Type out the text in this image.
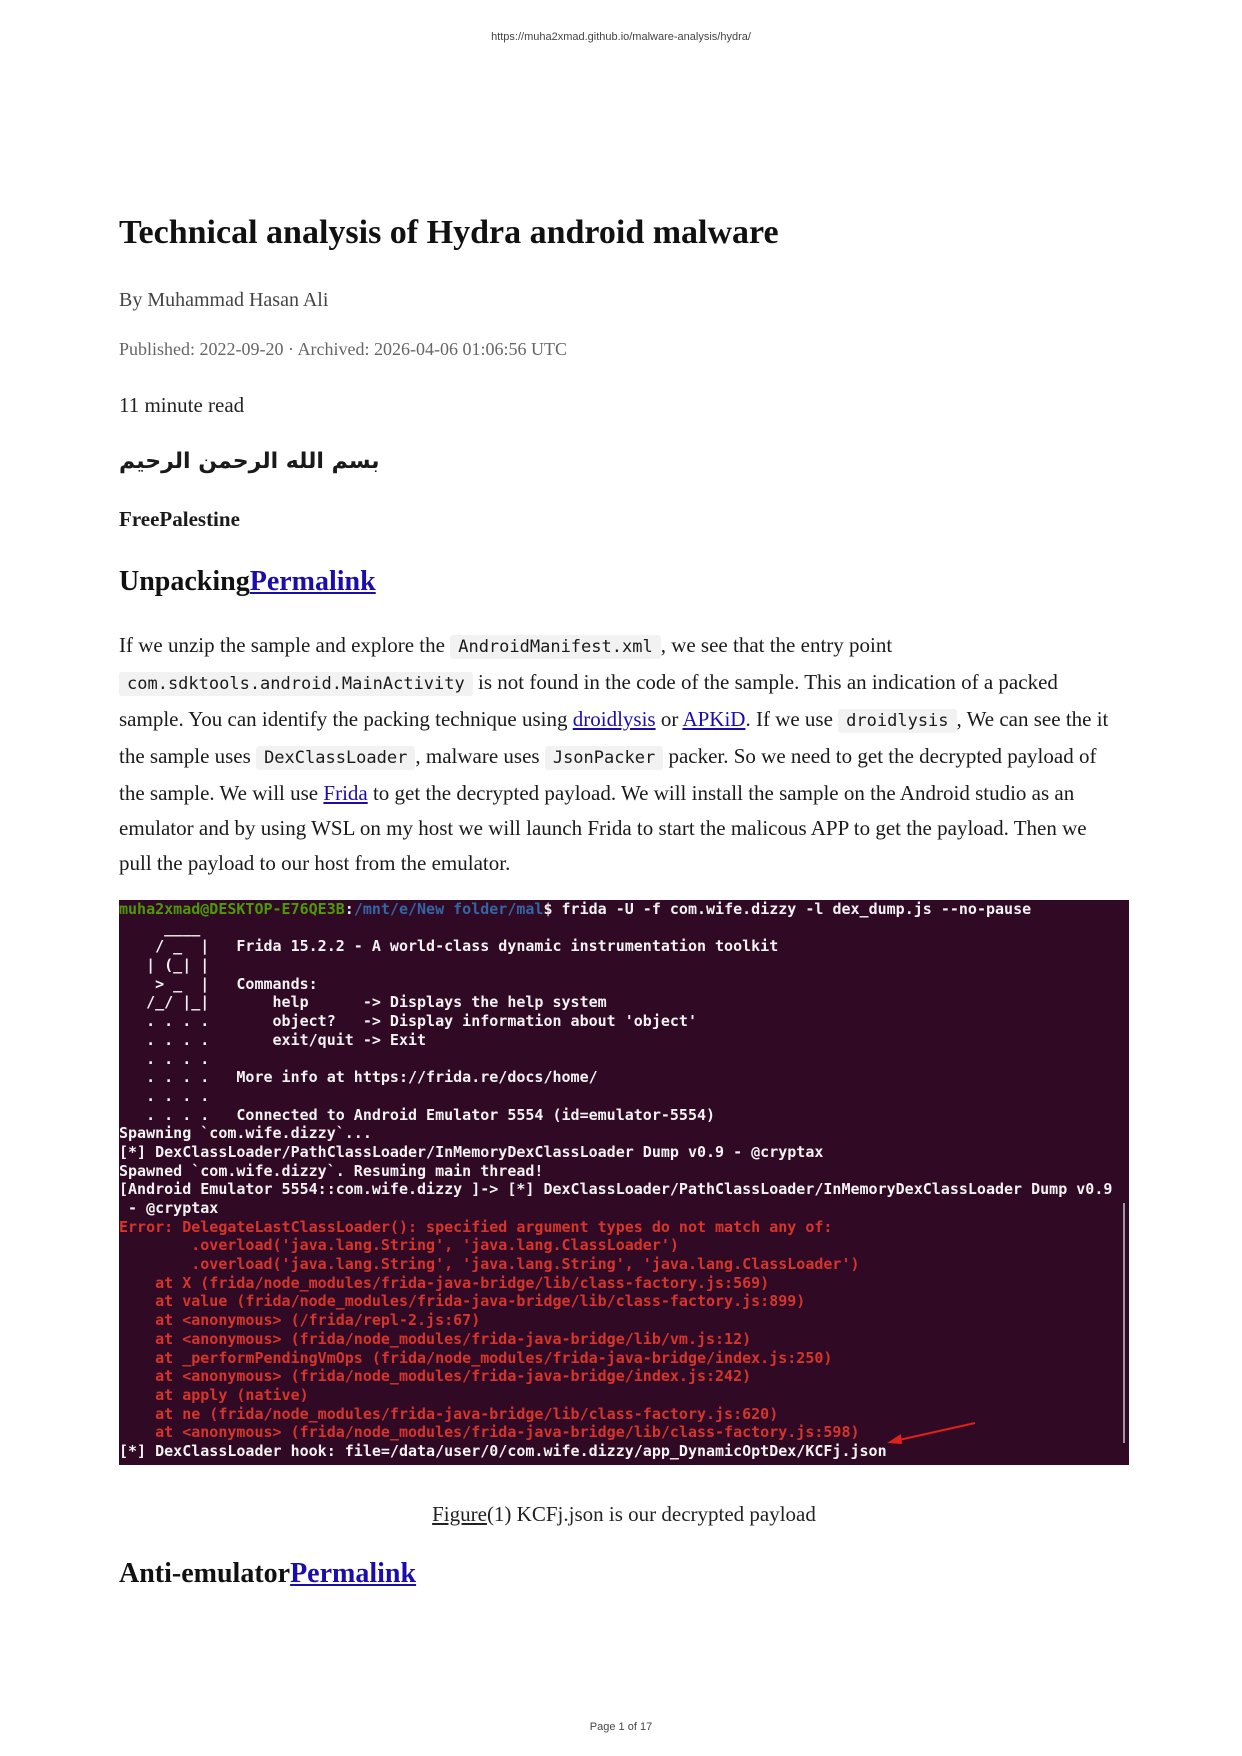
https://muha2xmad.github.io/malware-analysis/hydra/
Technical analysis of Hydra android malware
By Muhammad Hasan Ali
Published: 2022-09-20 · Archived: 2026-04-06 01:06:56 UTC
11 minute read
بسم الله الرحمن الرحيم
FreePalestine
UnpackingPermalink
If we unzip the sample and explore the AndroidManifest.xml , we see that the entry point com.sdktools.android.MainActivity is not found in the code of the sample. This an indication of a packed sample. You can identify the packing technique using droidlysis or APKiD. If we use droidlysis , We can see the it the sample uses DexClassLoader , malware uses JsonPacker packer. So we need to get the decrypted payload of the sample. We will use Frida to get the decrypted payload. We will install the sample on the Android studio as an emulator and by using WSL on my host we will launch Frida to start the malicous APP to get the payload. Then we pull the payload to our host from the emulator.
muha2xmad@DESKTOP-E76QE3B:/mnt/e/New folder/mal$ frida -U -f com.wife.dizzy -l dex_dump.js --no-pause
____
/ _  |   Frida 15.2.2 - A world-class dynamic instrumentation toolkit
| (_| |
> _  |   Commands:
/_/ |_|       help      -> Displays the help system
. . . .       object?   -> Display information about 'object'
. . . .       exit/quit -> Exit
. . . .
. . . .   More info at https://frida.re/docs/home/
. . . .
. . . .   Connected to Android Emulator 5554 (id=emulator-5554)
Spawning `com.wife.dizzy`...
[*] DexClassLoader/PathClassLoader/InMemoryDexClassLoader Dump v0.9 - @cryptax
Spawned `com.wife.dizzy`. Resuming main thread!
[Android Emulator 5554::com.wife.dizzy ]-> [*] DexClassLoader/PathClassLoader/InMemoryDexClassLoader Dump v0.9
- @cryptax
Error: DelegateLastClassLoader(): specified argument types do not match any of:
.overload('java.lang.String', 'java.lang.ClassLoader')
.overload('java.lang.String', 'java.lang.String', 'java.lang.ClassLoader')
at X (frida/node_modules/frida-java-bridge/lib/class-factory.js:569)
at value (frida/node_modules/frida-java-bridge/lib/class-factory.js:899)
at <anonymous> (/frida/repl-2.js:67)
at <anonymous> (frida/node_modules/frida-java-bridge/lib/vm.js:12)
at _performPendingVmOps (frida/node_modules/frida-java-bridge/index.js:250)
at <anonymous> (frida/node_modules/frida-java-bridge/index.js:242)
at apply (native)
at ne (frida/node_modules/frida-java-bridge/lib/class-factory.js:620)
at <anonymous> (frida/node_modules/frida-java-bridge/lib/class-factory.js:598)
[*] DexClassLoader hook: file=/data/user/0/com.wife.dizzy/app_DynamicOptDex/KCFj.json
Figure(1) KCFj.json is our decrypted payload
Anti-emulatorPermalink
Page 1 of 17
